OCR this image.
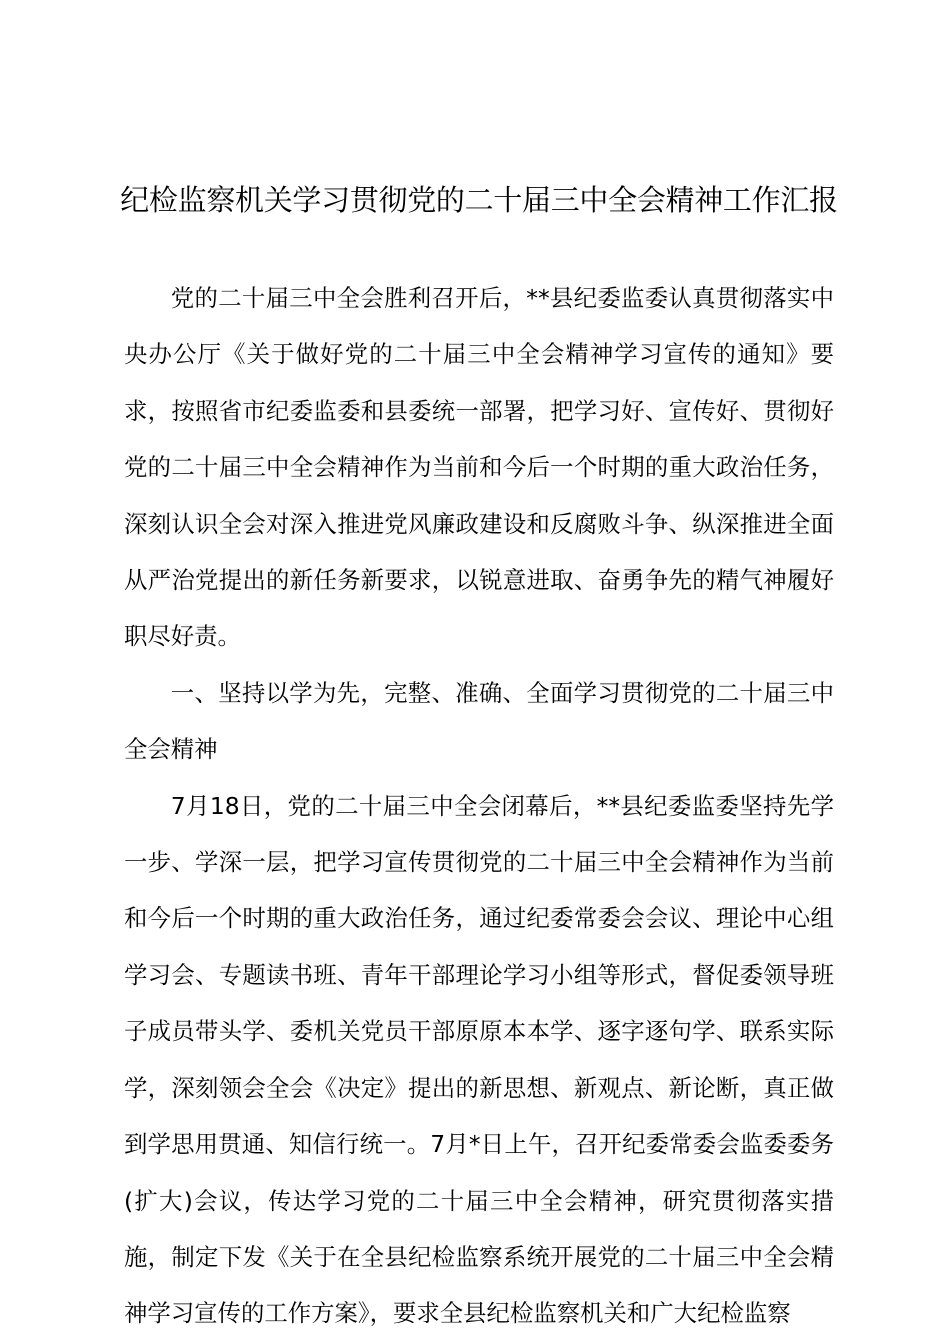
纪检监察机关学习贯彻党的二十届三中全会精神工作汇报

党的二十届三中全会胜利召开后，**县纪委监委认真贯彻落实中央办公厅《关于做好党的二十届三中全会精神学习宣传的通知》要求，按照省市纪委监委和县委统一部署，把学习好、宣传好、贯彻好党的二十届三中全会精神作为当前和今后一个时期的重大政治任务，深刻认识全会对深入推进党风廉政建设和反腐败斗争、纵深推进全面从严治党提出的新任务新要求，以锐意进取、奋勇争先的精气神履好职尽好责。

一、坚持以学为先，完整、准确、全面学习贯彻党的二十届三中全会精神

7月18日，党的二十届三中全会闭幕后，**县纪委监委坚持先学一步、学深一层，把学习宣传贯彻党的二十届三中全会精神作为当前和今后一个时期的重大政治任务，通过纪委常委会会议、理论中心组学习会、专题读书班、青年干部理论学习小组等形式，督促委领导班子成员带头学、委机关党员干部原原本本学、逐字逐句学、联系实际学，深刻领会全会《决定》提出的新思想、新观点、新论断，真正做到学思用贯通、知信行统一。7月*日上午，召开纪委常委会监委委务(扩大)会议，传达学习党的二十届三中全会精神，研究贯彻落实措施，制定下发《关于在全县纪检监察系统开展党的二十届三中全会精神学习宣传的工作方案》，要求全县纪检监察机关和广大纪检监察
